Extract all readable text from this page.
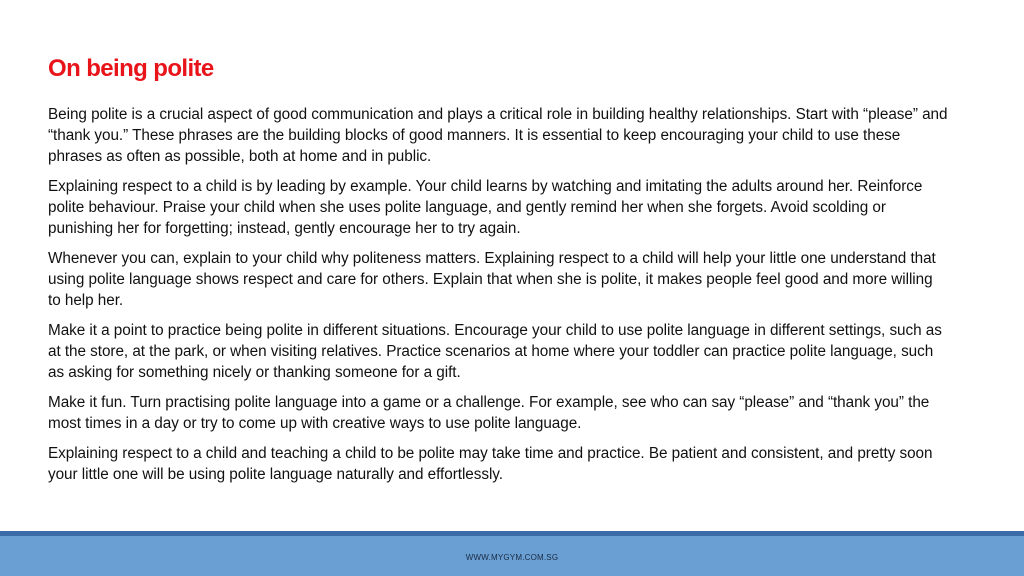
On being polite

Being polite is a crucial aspect of good communication and plays a critical role in building healthy relationships. Start with “please” and “thank you.” These phrases are the building blocks of good manners. It is essential to keep encouraging your child to use these phrases as often as possible, both at home and in public.

Explaining respect to a child is by leading by example. Your child learns by watching and imitating the adults around her. Reinforce polite behaviour. Praise your child when she uses polite language, and gently remind her when she forgets. Avoid scolding or punishing her for forgetting; instead, gently encourage her to try again.

Whenever you can, explain to your child why politeness matters. Explaining respect to a child will help your little one understand that using polite language shows respect and care for others. Explain that when she is polite, it makes people feel good and more willing to help her.

Make it a point to practice being polite in different situations. Encourage your child to use polite language in different settings, such as at the store, at the park, or when visiting relatives. Practice scenarios at home where your toddler can practice polite language, such as asking for something nicely or thanking someone for a gift.

Make it fun. Turn practising polite language into a game or a challenge. For example, see who can say “please” and “thank you” the most times in a day or try to come up with creative ways to use polite language.

Explaining respect to a child and teaching a child to be polite may take time and practice. Be patient and consistent, and pretty soon your little one will be using polite language naturally and effortlessly.

WWW.MYGYM.COM.SG
